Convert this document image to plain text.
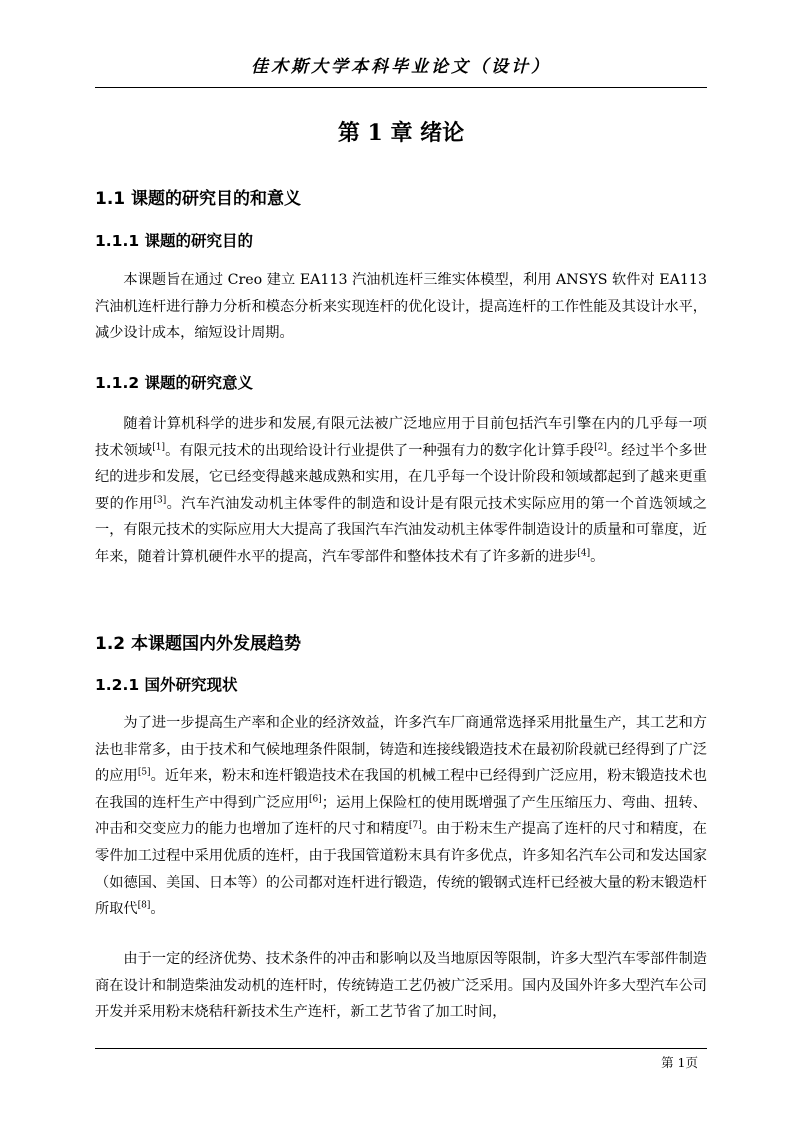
佳木斯大学本科毕业论文（设计）
第 1 章 绪论
1.1 课题的研究目的和意义
1.1.1 课题的研究目的

本课题旨在通过 Creo 建立 EA113 汽油机连杆三维实体模型，利用 ANSYS 软件对 EA113 汽油机连杆进行静力分析和模态分析来实现连杆的优化设计，提高连杆的工作性能及其设计水平，减少设计成本，缩短设计周期。

1.1.2 课题的研究意义

随着计算机科学的进步和发展,有限元法被广泛地应用于目前包括汽车引擎在内的几乎每一项技术领域[1]。有限元技术的出现给设计行业提供了一种强有力的数字化计算手段[2]。经过半个多世纪的进步和发展，它已经变得越来越成熟和实用，在几乎每一个设计阶段和领域都起到了越来更重要的作用[3]。汽车汽油发动机主体零件的制造和设计是有限元技术实际应用的第一个首选领域之一，有限元技术的实际应用大大提高了我国汽车汽油发动机主体零件制造设计的质量和可靠度，近年来，随着计算机硬件水平的提高，汽车零部件和整体技术有了许多新的进步[4]。

1.2 本课题国内外发展趋势
1.2.1 国外研究现状

为了进一步提高生产率和企业的经济效益，许多汽车厂商通常选择采用批量生产，其工艺和方法也非常多，由于技术和气候地理条件限制，铸造和连接线锻造技术在最初阶段就已经得到了广泛的应用[5]。近年来，粉末和连杆锻造技术在我国的机械工程中已经得到广泛应用，粉末锻造技术也在我国的连杆生产中得到广泛应用[6]；运用上保险杠的使用既增强了产生压缩压力、弯曲、扭转、冲击和交变应力的能力也增加了连杆的尺寸和精度[7]。由于粉末生产提高了连杆的尺寸和精度，在零件加工过程中采用优质的连杆，由于我国管道粉末具有许多优点，许多知名汽车公司和发达国家（如德国、美国、日本等）的公司都对连杆进行锻造，传统的锻钢式连杆已经被大量的粉末锻造杆所取代[8]。

由于一定的经济优势、技术条件的冲击和影响以及当地原因等限制，许多大型汽车零部件制造商在设计和制造柴油发动机的连杆时，传统铸造工艺仍被广泛采用。国内及国外许多大型汽车公司开发并采用粉末烧秸秆新技术生产连杆，新工艺节省了加工时间，

第 1页
